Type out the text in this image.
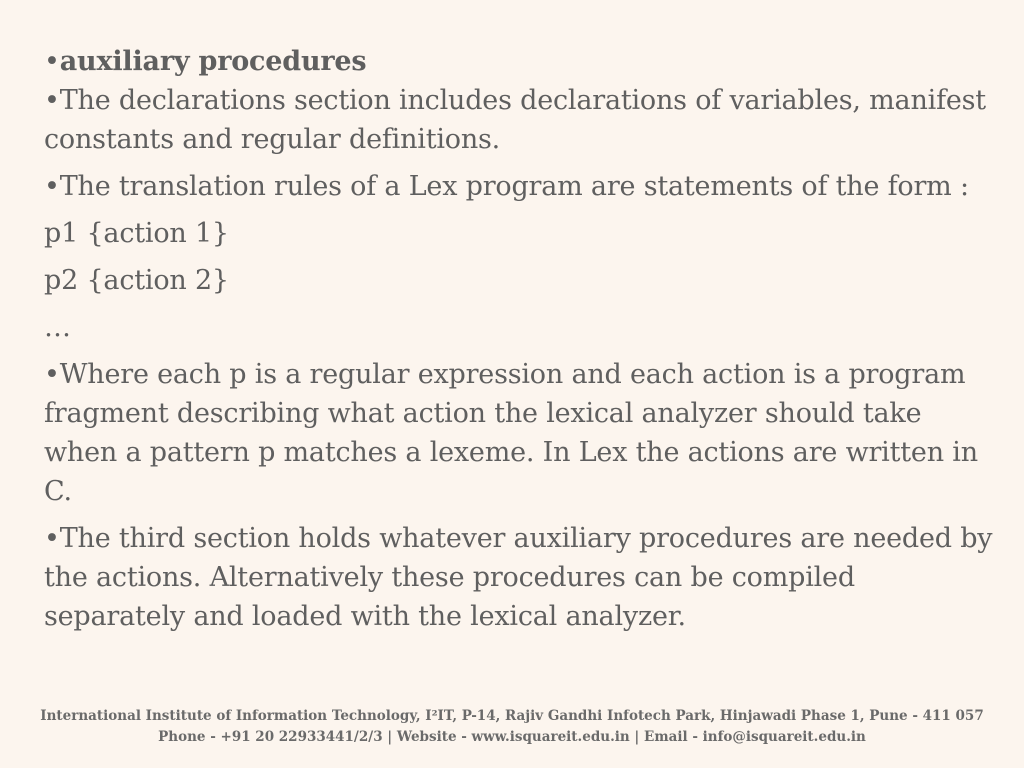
•auxiliary procedures
•The declarations section includes declarations of variables, manifest constants and regular definitions.
•The translation rules of a Lex program are statements of the form :
p1 {action 1}
p2 {action 2}
…
•Where each p is a regular expression and each action is a program fragment describing what action the lexical analyzer should take when a pattern p matches a lexeme. In Lex the actions are written in C.
•The third section holds whatever auxiliary procedures are needed by the actions. Alternatively these procedures can be compiled separately and loaded with the lexical analyzer.
International Institute of Information Technology, I²IT, P-14, Rajiv Gandhi Infotech Park, Hinjawadi Phase 1, Pune - 411 057
Phone - +91 20 22933441/2/3 | Website - www.isquareit.edu.in | Email - info@isquareit.edu.in
